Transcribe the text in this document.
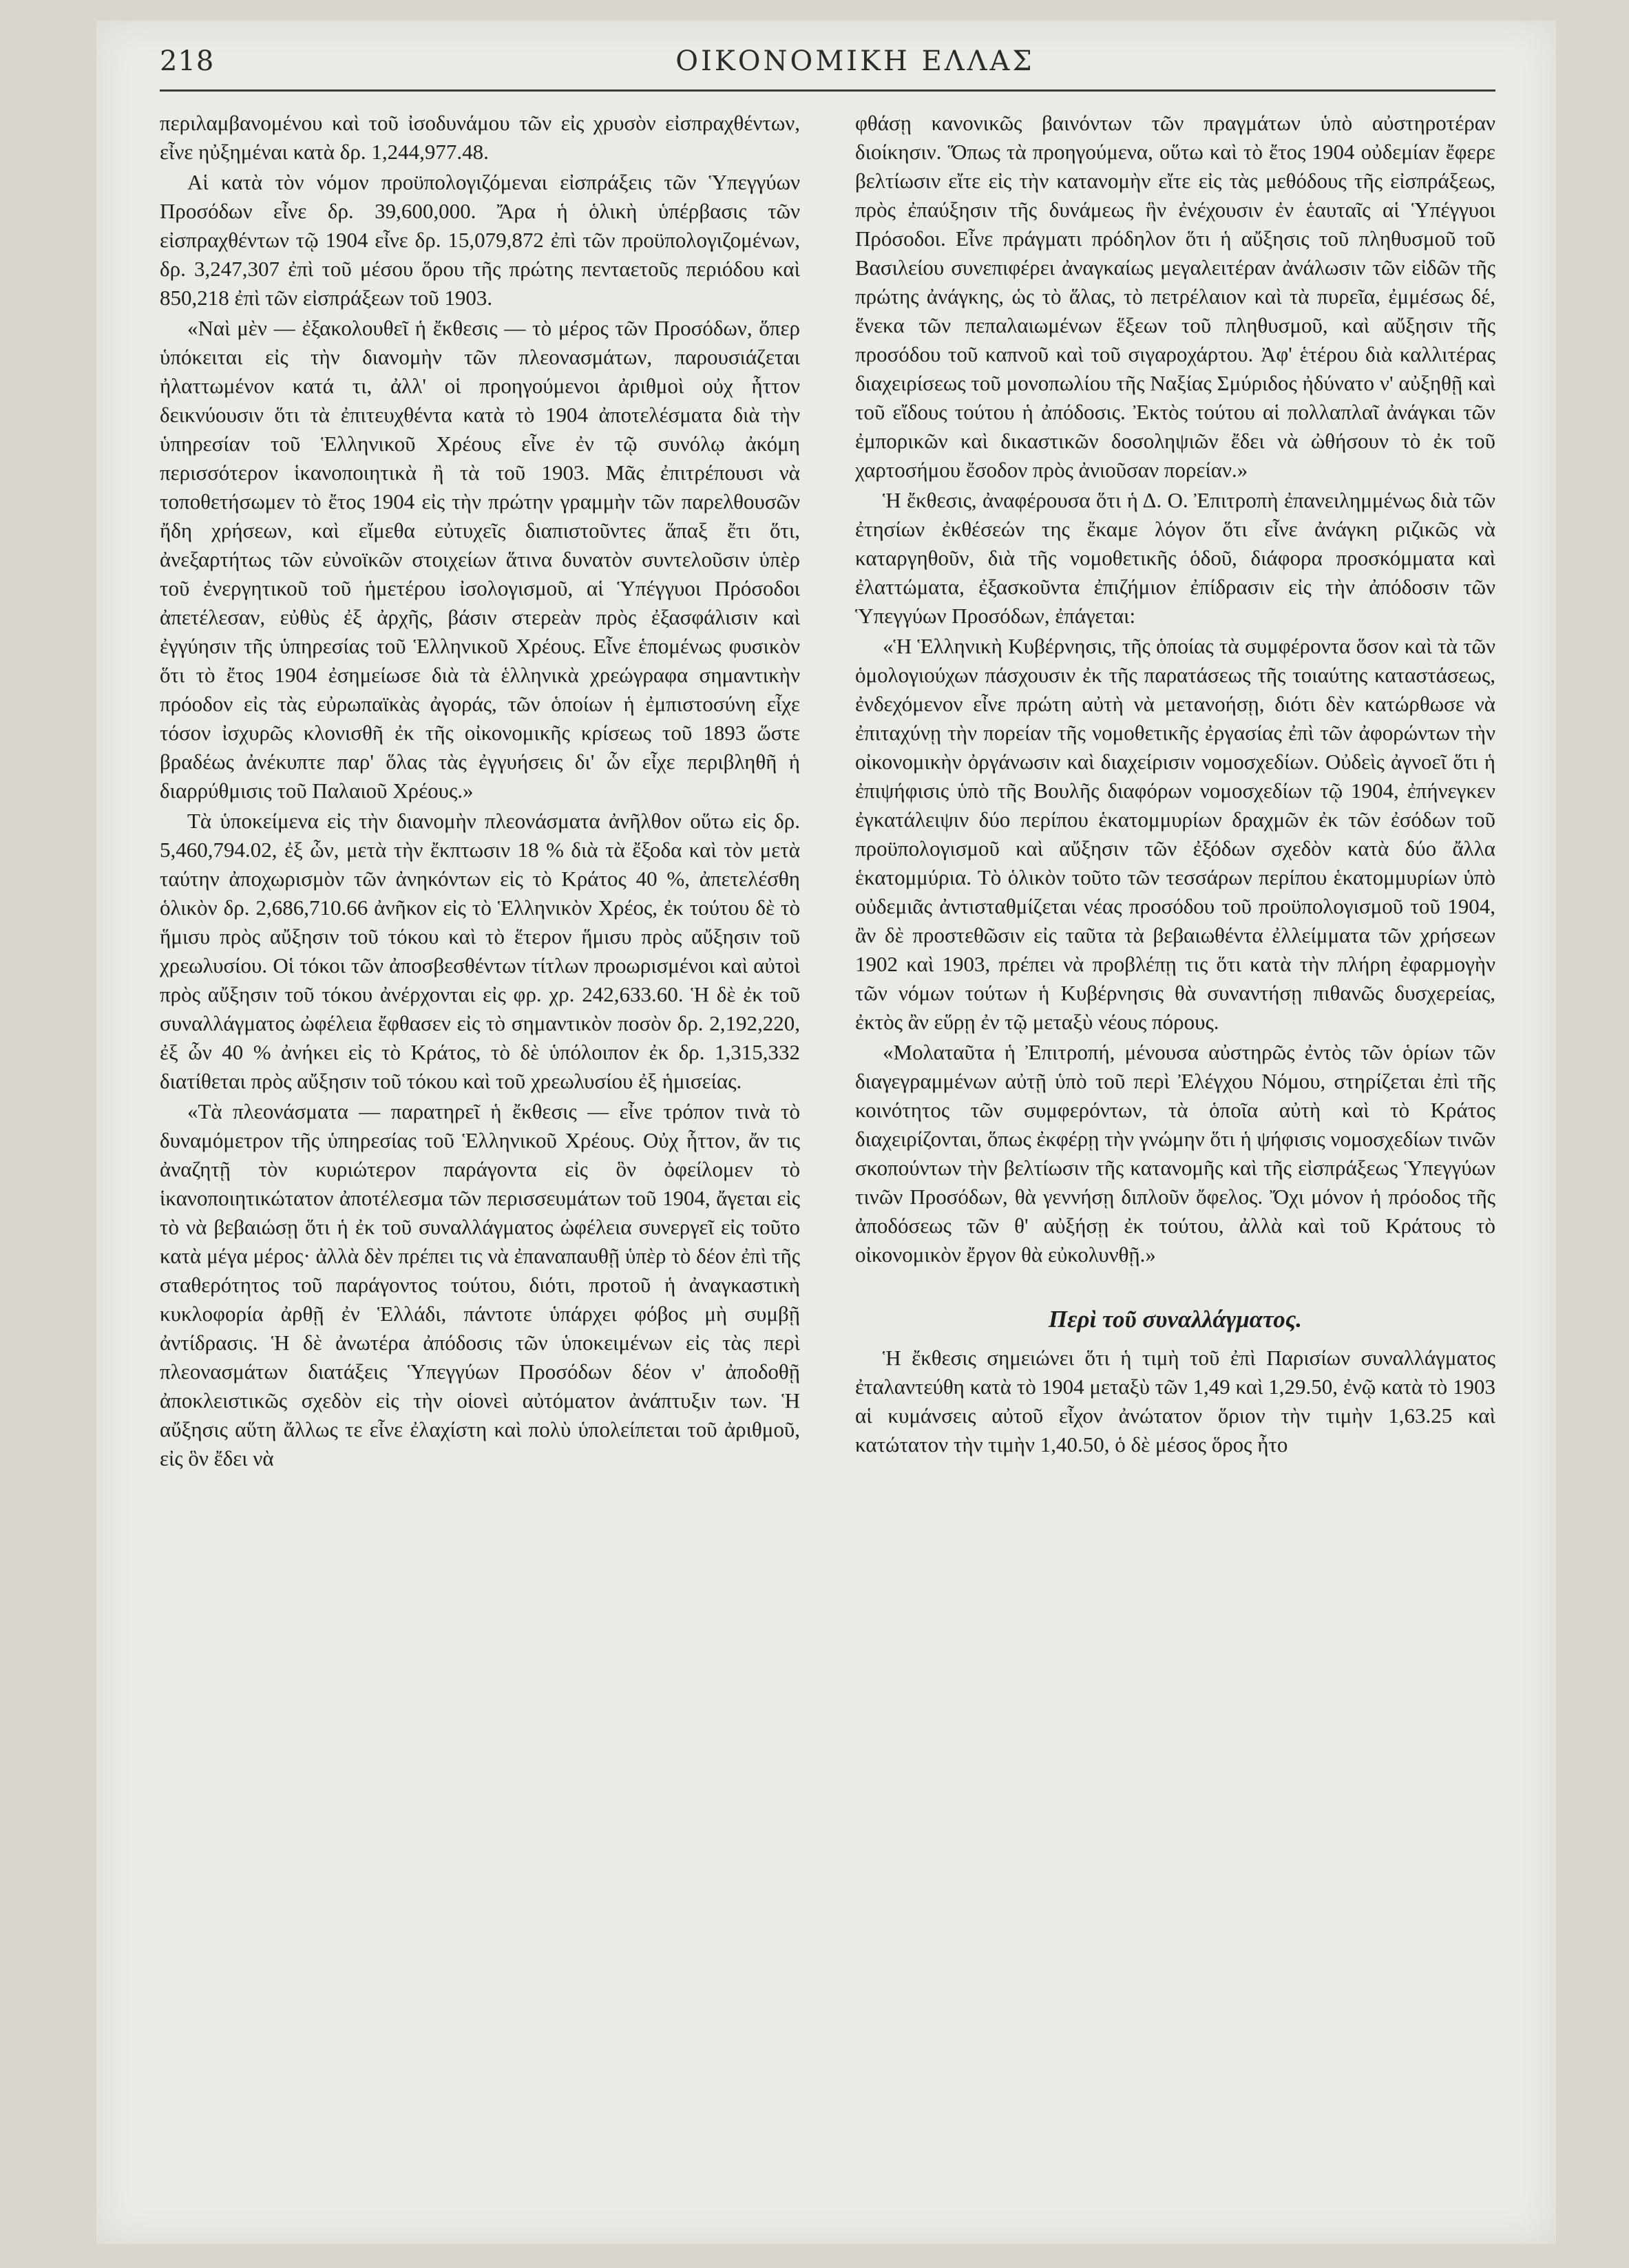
218	ΟΙΚΟΝΟΜΙΚΗ ΕΛΛΑΣ

περιλαμβανομένου καὶ τοῦ ἰσοδυνάμου τῶν εἰς χρυσὸν εἰσπραχθέντων, εἶνε ηὐξημέναι κατὰ δρ. 1,244,977.48.

Αἱ κατὰ τὸν νόμον προϋπολογιζόμεναι εἰσπράξεις τῶν Ὑπεγγύων Προσόδων εἶνε δρ. 39,600,000. Ἄρα ἡ ὁλικὴ ὑπέρβασις τῶν εἰσπραχθέντων τῷ 1904 εἶνε δρ. 15,079,872 ἐπὶ τῶν προϋπολογιζομένων, δρ. 3,247,307 ἐπὶ τοῦ μέσου ὅρου τῆς πρώτης πενταετοῦς περιόδου καὶ 850,218 ἐπὶ τῶν εἰσπράξεων τοῦ 1903.

«Ναὶ μὲν — ἐξακολουθεῖ ἡ ἔκθεσις — τὸ μέρος τῶν Προσόδων, ὅπερ ὑπόκειται εἰς τὴν διανομὴν τῶν πλεονασμάτων, παρουσιάζεται ἠλαττωμένον κατά τι, ἀλλ' οἱ προηγούμενοι ἀριθμοὶ οὐχ ἧττον δεικνύουσιν ὅτι τὰ ἐπιτευχθέντα κατὰ τὸ 1904 ἀποτελέσματα διὰ τὴν ὑπηρεσίαν τοῦ Ἑλληνικοῦ Χρέους εἶνε ἐν τῷ συνόλῳ ἀκόμη περισσότερον ἱκανοποιητικὰ ἢ τὰ τοῦ 1903. Μᾶς ἐπιτρέπουσι νὰ τοποθετήσωμεν τὸ ἔτος 1904 εἰς τὴν πρώτην γραμμὴν τῶν παρελθουσῶν ἤδη χρήσεων, καὶ εἴμεθα εὐτυχεῖς διαπιστοῦντες ἅπαξ ἔτι ὅτι, ἀνεξαρτήτως τῶν εὐνοϊκῶν στοιχείων ἅτινα δυνατὸν συντελοῦσιν ὑπὲρ τοῦ ἐνεργητικοῦ τοῦ ἡμετέρου ἰσολογισμοῦ, αἱ Ὑπέγγυοι Πρόσοδοι ἀπετέλεσαν, εὐθὺς ἐξ ἀρχῆς, βάσιν στερεὰν πρὸς ἐξασφάλισιν καὶ ἐγγύησιν τῆς ὑπηρεσίας τοῦ Ἑλληνικοῦ Χρέους. Εἶνε ἑπομένως φυσικὸν ὅτι τὸ ἔτος 1904 ἐσημείωσε διὰ τὰ ἑλληνικὰ χρεώγραφα σημαντικὴν πρόοδον εἰς τὰς εὐρωπαϊκὰς ἀγοράς, τῶν ὁποίων ἡ ἐμπιστοσύνη εἶχε τόσον ἰσχυρῶς κλονισθῆ ἐκ τῆς οἰκονομικῆς κρίσεως τοῦ 1893 ὥστε βραδέως ἀνέκυπτε παρ' ὅλας τὰς ἐγγυήσεις δι' ὧν εἶχε περιβληθῆ ἡ διαρρύθμισις τοῦ Παλαιοῦ Χρέους.»

Τὰ ὑποκείμενα εἰς τὴν διανομὴν πλεονάσματα ἀνῆλθον οὕτω εἰς δρ. 5,460,794.02, ἐξ ὧν, μετὰ τὴν ἔκπτωσιν 18 % διὰ τὰ ἔξοδα καὶ τὸν μετὰ ταύτην ἀποχωρισμὸν τῶν ἀνηκόντων εἰς τὸ Κράτος 40 %, ἀπετελέσθη ὁλικὸν δρ. 2,686,710.66 ἀνῆκον εἰς τὸ Ἑλληνικὸν Χρέος, ἐκ τούτου δὲ τὸ ἥμισυ πρὸς αὔξησιν τοῦ τόκου καὶ τὸ ἕτερον ἥμισυ πρὸς αὔξησιν τοῦ χρεωλυσίου. Οἱ τόκοι τῶν ἀποσβεσθέντων τίτλων προωρισμένοι καὶ αὐτοὶ πρὸς αὔξησιν τοῦ τόκου ἀνέρχονται εἰς φρ. χρ. 242,633.60. Ἡ δὲ ἐκ τοῦ συναλλάγματος ὠφέλεια ἔφθασεν εἰς τὸ σημαντικὸν ποσὸν δρ. 2,192,220, ἐξ ὧν 40 % ἀνήκει εἰς τὸ Κράτος, τὸ δὲ ὑπόλοιπον ἐκ δρ. 1,315,332 διατίθεται πρὸς αὔξησιν τοῦ τόκου καὶ τοῦ χρεωλυσίου ἐξ ἡμισείας.

«Τὰ πλεονάσματα — παρατηρεῖ ἡ ἔκθεσις — εἶνε τρόπον τινὰ τὸ δυναμόμετρον τῆς ὑπηρεσίας τοῦ Ἑλληνικοῦ Χρέους. Οὐχ ἧττον, ἄν τις ἀναζητῇ τὸν κυριώτερον παράγοντα εἰς ὃν ὀφείλομεν τὸ ἱκανοποιητικώτατον ἀποτέλεσμα τῶν περισσευμάτων τοῦ 1904, ἄγεται εἰς τὸ νὰ βεβαιώσῃ ὅτι ἡ ἐκ τοῦ συναλλάγματος ὠφέλεια συνεργεῖ εἰς τοῦτο κατὰ μέγα μέρος· ἀλλὰ δὲν πρέπει τις νὰ ἐπαναπαυθῇ ὑπὲρ τὸ δέον ἐπὶ τῆς σταθερότητος τοῦ παράγοντος τούτου, διότι, προτοῦ ἡ ἀναγκαστικὴ κυκλοφορία ἀρθῇ ἐν Ἑλλάδι, πάντοτε ὑπάρχει φόβος μὴ συμβῇ ἀντίδρασις. Ἡ δὲ ἀνωτέρα ἀπόδοσις τῶν ὑποκειμένων εἰς τὰς περὶ πλεονασμάτων διατάξεις Ὑπεγγύων Προσόδων δέον ν' ἀποδοθῇ ἀποκλειστικῶς σχεδὸν εἰς τὴν οἱονεὶ αὐτόματον ἀνάπτυξιν των. Ἡ αὔξησις αὕτη ἄλλως τε εἶνε ἐλαχίστη καὶ πολὺ ὑπολείπεται τοῦ ἀριθμοῦ, εἰς ὃν ἔδει νὰ

φθάσῃ κανονικῶς βαινόντων τῶν πραγμάτων ὑπὸ αὐστηροτέραν διοίκησιν. Ὅπως τὰ προηγούμενα, οὕτω καὶ τὸ ἔτος 1904 οὐδεμίαν ἔφερε βελτίωσιν εἴτε εἰς τὴν κατανομὴν εἴτε εἰς τὰς μεθόδους τῆς εἰσπράξεως, πρὸς ἐπαύξησιν τῆς δυνάμεως ἣν ἐνέχουσιν ἐν ἑαυταῖς αἱ Ὑπέγγυοι Πρόσοδοι. Εἶνε πράγματι πρόδηλον ὅτι ἡ αὔξησις τοῦ πληθυσμοῦ τοῦ Βασιλείου συνεπιφέρει ἀναγκαίως μεγαλειτέραν ἀνάλωσιν τῶν εἰδῶν τῆς πρώτης ἀνάγκης, ὡς τὸ ἅλας, τὸ πετρέλαιον καὶ τὰ πυρεῖα, ἐμμέσως δέ, ἕνεκα τῶν πεπαλαιωμένων ἕξεων τοῦ πληθυσμοῦ, καὶ αὔξησιν τῆς προσόδου τοῦ καπνοῦ καὶ τοῦ σιγαροχάρτου. Ἀφ' ἑτέρου διὰ καλλιτέρας διαχειρίσεως τοῦ μονοπωλίου τῆς Ναξίας Σμύριδος ἠδύνατο ν' αὐξηθῇ καὶ τοῦ εἴδους τούτου ἡ ἀπόδοσις. Ἐκτὸς τούτου αἱ πολλαπλαῖ ἀνάγκαι τῶν ἐμπορικῶν καὶ δικαστικῶν δοσοληψιῶν ἔδει νὰ ὠθήσουν τὸ ἐκ τοῦ χαρτοσήμου ἔσοδον πρὸς ἀνιοῦσαν πορείαν.»

Ἡ ἔκθεσις, ἀναφέρουσα ὅτι ἡ Δ. Ο. Ἐπιτροπὴ ἐπανειλημμένως διὰ τῶν ἐτησίων ἐκθέσεών της ἔκαμε λόγον ὅτι εἶνε ἀνάγκη ριζικῶς νὰ καταργηθοῦν, διὰ τῆς νομοθετικῆς ὁδοῦ, διάφορα προσκόμματα καὶ ἐλαττώματα, ἐξασκοῦντα ἐπιζήμιον ἐπίδρασιν εἰς τὴν ἀπόδοσιν τῶν Ὑπεγγύων Προσόδων, ἐπάγεται:

«Ἡ Ἑλληνικὴ Κυβέρνησις, τῆς ὁποίας τὰ συμφέροντα ὅσον καὶ τὰ τῶν ὁμολογιούχων πάσχουσιν ἐκ τῆς παρατάσεως τῆς τοιαύτης καταστάσεως, ἐνδεχόμενον εἶνε πρώτη αὐτὴ νὰ μετανοήσῃ, διότι δὲν κατώρθωσε νὰ ἐπιταχύνῃ τὴν πορείαν τῆς νομοθετικῆς ἐργασίας ἐπὶ τῶν ἀφορώντων τὴν οἰκονομικὴν ὀργάνωσιν καὶ διαχείρισιν νομοσχεδίων. Οὐδεὶς ἀγνοεῖ ὅτι ἡ ἐπιψήφισις ὑπὸ τῆς Βουλῆς διαφόρων νομοσχεδίων τῷ 1904, ἐπήνεγκεν ἐγκατάλειψιν δύο περίπου ἑκατομμυρίων δραχμῶν ἐκ τῶν ἐσόδων τοῦ προϋπολογισμοῦ καὶ αὔξησιν τῶν ἐξόδων σχεδὸν κατὰ δύο ἄλλα ἑκατομμύρια. Τὸ ὁλικὸν τοῦτο τῶν τεσσάρων περίπου ἑκατομμυρίων ὑπὸ οὐδεμιᾶς ἀντισταθμίζεται νέας προσόδου τοῦ προϋπολογισμοῦ τοῦ 1904, ἂν δὲ προστεθῶσιν εἰς ταῦτα τὰ βεβαιωθέντα ἐλλείμματα τῶν χρήσεων 1902 καὶ 1903, πρέπει νὰ προβλέπῃ τις ὅτι κατὰ τὴν πλήρη ἐφαρμογὴν τῶν νόμων τούτων ἡ Κυβέρνησις θὰ συναντήσῃ πιθανῶς δυσχερείας, ἐκτὸς ἂν εὕρῃ ἐν τῷ μεταξὺ νέους πόρους.

«Μολαταῦτα ἡ Ἐπιτροπή, μένουσα αὐστηρῶς ἐντὸς τῶν ὁρίων τῶν διαγεγραμμένων αὐτῇ ὑπὸ τοῦ περὶ Ἐλέγχου Νόμου, στηρίζεται ἐπὶ τῆς κοινότητος τῶν συμφερόντων, τὰ ὁποῖα αὐτὴ καὶ τὸ Κράτος διαχειρίζονται, ὅπως ἐκφέρῃ τὴν γνώμην ὅτι ἡ ψήφισις νομοσχεδίων τινῶν σκοπούντων τὴν βελτίωσιν τῆς κατανομῆς καὶ τῆς εἰσπράξεως Ὑπεγγύων τινῶν Προσόδων, θὰ γεννήσῃ διπλοῦν ὄφελος. Ὄχι μόνον ἡ πρόοδος τῆς ἀποδόσεως τῶν θ' αὐξήσῃ ἐκ τούτου, ἀλλὰ καὶ τοῦ Κράτους τὸ οἰκονομικὸν ἔργον θὰ εὐκολυνθῇ.»

Περὶ τοῦ συναλλάγματος.

Ἡ ἔκθεσις σημειώνει ὅτι ἡ τιμὴ τοῦ ἐπὶ Παρισίων συναλλάγματος ἐταλαντεύθη κατὰ τὸ 1904 μεταξὺ τῶν 1,49 καὶ 1,29.50, ἐνῷ κατὰ τὸ 1903 αἱ κυμάνσεις αὐτοῦ εἶχον ἀνώτατον ὅριον τὴν τιμὴν 1,63.25 καὶ κατώτατον τὴν τιμὴν 1,40.50, ὁ δὲ μέσος ὅρος ἦτο
